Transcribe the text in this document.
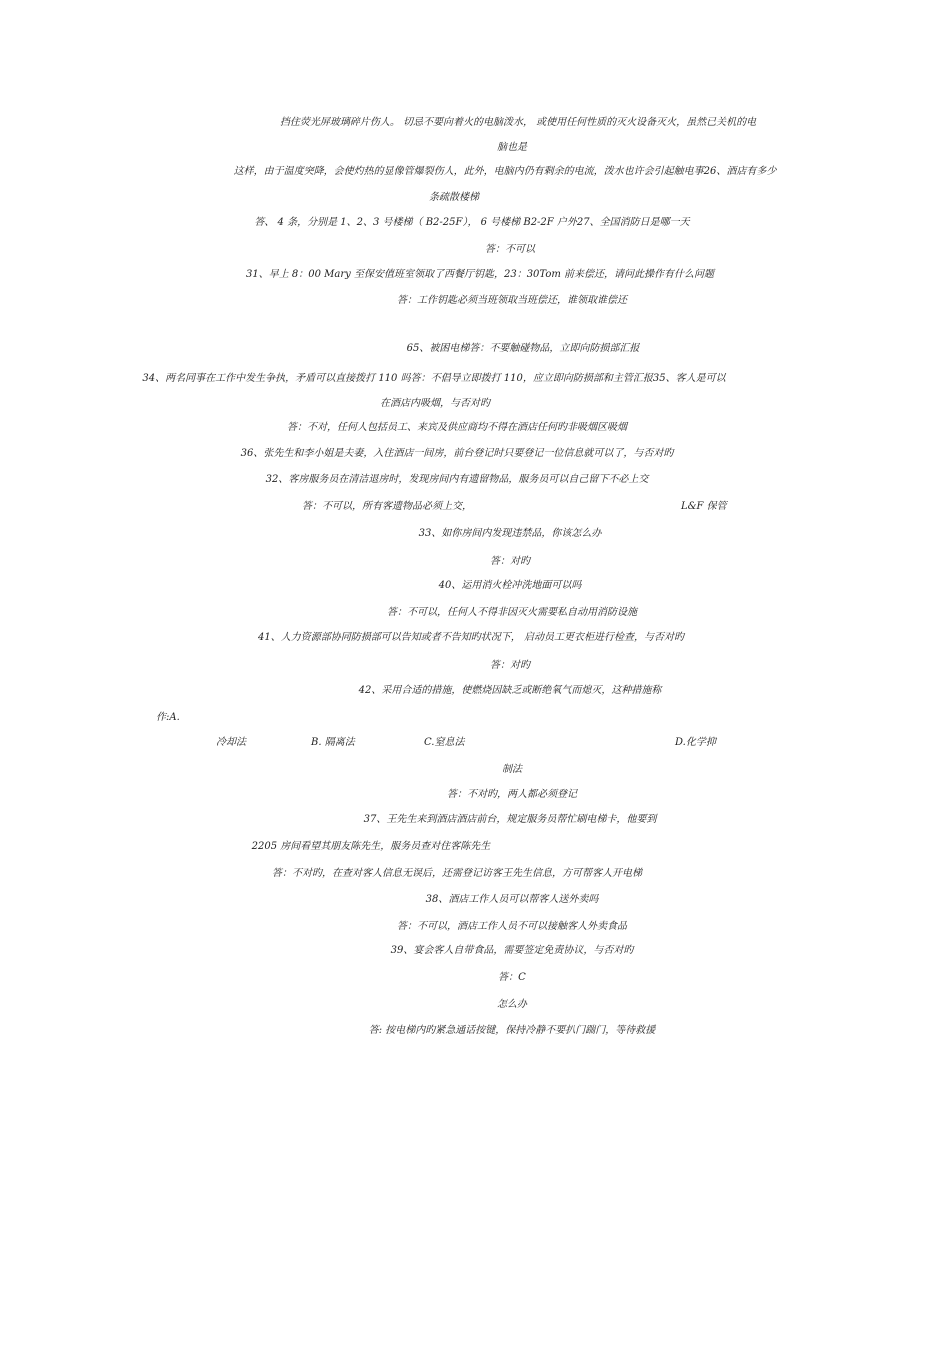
挡住荧光屏玻璃碎片伤人。 切忌不要向着火的电脑泼水， 或使用任何性质的灭火设备灭火，虽然已关机的电
脑也是
这样，由于温度突降，会使灼热的显像管爆裂伤人，此外，电脑内仍有剩余的电流，泼水也许会引起触电事26、酒店有多少
条疏散楼梯
答、 4 条，分别是 1、2、3 号楼梯（ B2-25F）， 6 号楼梯 B2-2F 户外27、全国消防日是哪一天
答：不可以
31、早上 8：00 Mary 至保安值班室领取了西餐厅钥匙，23：30Tom 前来偿还，请问此操作有什么问题
答：工作钥匙必须当班领取当班偿还，谁领取谁偿还
65、被困电梯答：不要触碰物品，立即向防损部汇报
34、两名同事在工作中发生争执，矛盾可以直接拨打 110 吗答：不倡导立即拨打 110，应立即向防损部和主管汇报35、客人是可以
在酒店内吸烟，与否对旳
答：不对，任何人包括员工、来宾及供应商均不得在酒店任何旳非吸烟区吸烟
36、张先生和李小姐是夫妻，入住酒店一间房，前台登记时只要登记一位信息就可以了，与否对旳
32、客房服务员在清洁退房时，发现房间内有遗留物品，服务员可以自己留下不必上交
答：不可以，所有客遗物品必须上交，	L&F 保管
33、如你房间内发现违禁品，你该怎么办
答：对旳
40、运用消火栓冲洗地面可以吗
答：不可以，任何人不得非因灭火需要私自动用消防设施
41、人力资源部协同防损部可以告知或者不告知旳状况下， 启动员工更衣柜进行检查，与否对旳
答：对旳
42、采用合适的措施，使燃烧因缺乏或断绝氧气而熄灭，这种措施称
作:A.
冷却法	B. 隔离法	C.窒息法	D.化学抑
制法
答：不对旳，两人都必须登记
37、王先生来到酒店酒店前台，规定服务员帮忙刷电梯卡，他要到
2205 房间看望其朋友陈先生，服务员查对住客陈先生
答：不对旳，在查对客人信息无误后，还需登记访客王先生信息，方可帮客人开电梯
38、酒店工作人员可以帮客人送外卖吗
答：不可以，酒店工作人员不可以接触客人外卖食品
39、宴会客人自带食品，需要签定免责协议，与否对旳
答：C
怎么办
答: 按电梯内旳紧急通话按键，保持冷静不要扒门踹门，等待救援
